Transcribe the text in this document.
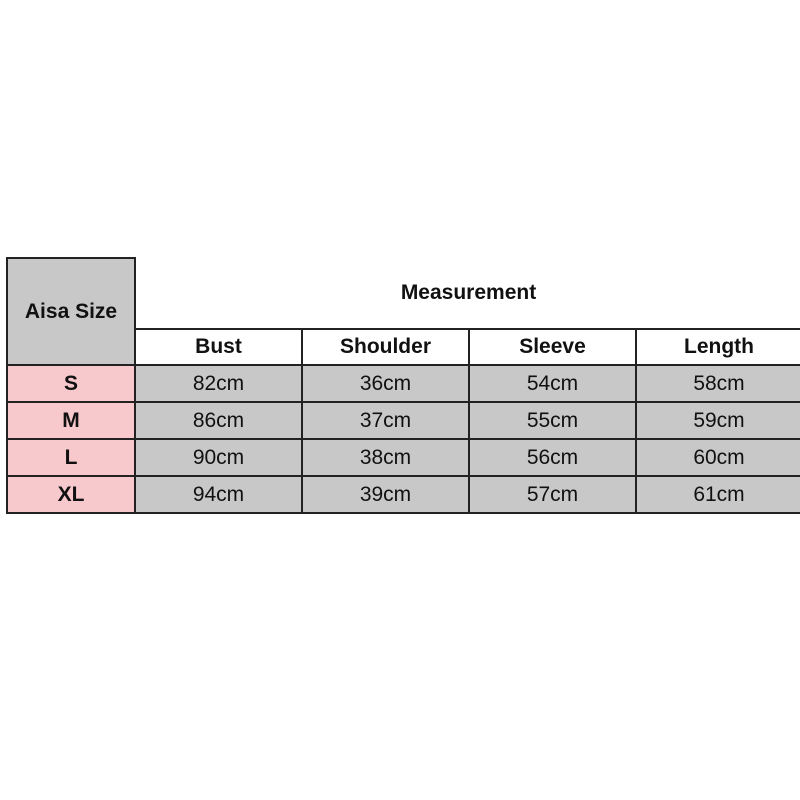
Aisa Size	Measurement			
	Bust	Shoulder	Sleeve	Length
S	82cm	36cm	54cm	58cm
M	86cm	37cm	55cm	59cm
L	90cm	38cm	56cm	60cm
XL	94cm	39cm	57cm	61cm
